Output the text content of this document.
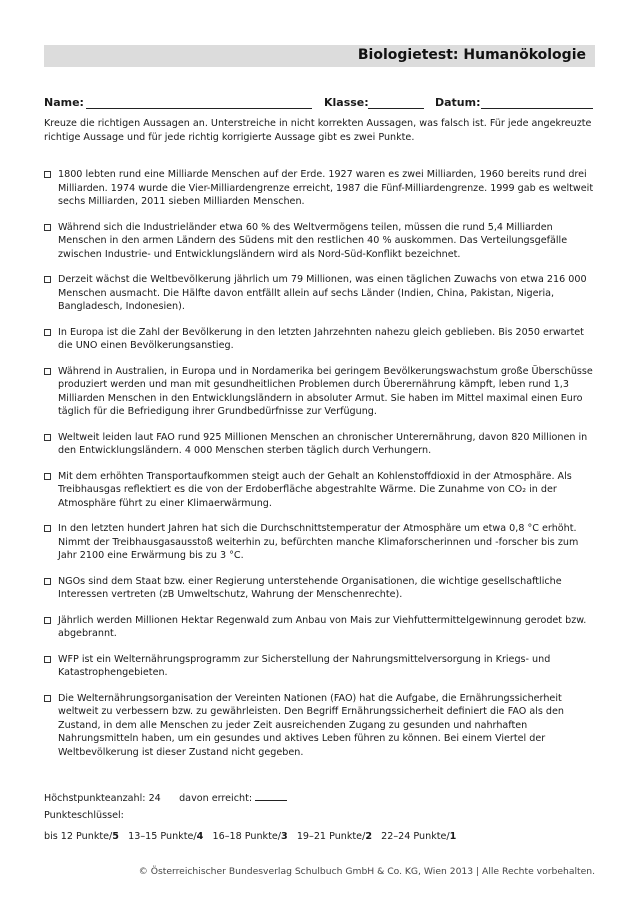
Biologietest: Humanökologie
Name:	Klasse:	Datum:
Kreuze die richtigen Aussagen an. Unterstreiche in nicht korrekten Aussagen, was falsch ist. Für jede angekreuzte richtige Aussage und für jede richtig korrigierte Aussage gibt es zwei Punkte.
1800 lebten rund eine Milliarde Menschen auf der Erde. 1927 waren es zwei Milliarden, 1960 bereits rund drei Milliarden. 1974 wurde die Vier-Milliardengrenze erreicht, 1987 die Fünf-Milliardengrenze. 1999 gab es weltweit sechs Milliarden, 2011 sieben Milliarden Menschen.
Während sich die Industrieländer etwa 60 % des Weltvermögens teilen, müssen die rund 5,4 Milliarden Menschen in den armen Ländern des Südens mit den restlichen 40 % auskommen. Das Verteilungsgefälle zwischen Industrie- und Entwicklungsländern wird als Nord-Süd-Konflikt bezeichnet.
Derzeit wächst die Weltbevölkerung jährlich um 79 Millionen, was einen täglichen Zuwachs von etwa 216 000 Menschen ausmacht. Die Hälfte davon entfällt allein auf sechs Länder (Indien, China, Pakistan, Nigeria, Bangladesch, Indonesien).
In Europa ist die Zahl der Bevölkerung in den letzten Jahrzehnten nahezu gleich geblieben. Bis 2050 erwartet die UNO einen Bevölkerungsanstieg.
Während in Australien, in Europa und in Nordamerika bei geringem Bevölkerungswachstum große Überschüsse produziert werden und man mit gesundheitlichen Problemen durch Überernährung kämpft, leben rund 1,3 Milliarden Menschen in den Entwicklungsländern in absoluter Armut. Sie haben im Mittel maximal einen Euro täglich für die Befriedigung ihrer Grundbedürfnisse zur Verfügung.
Weltweit leiden laut FAO rund 925 Millionen Menschen an chronischer Unterernährung, davon 820 Millionen in den Entwicklungsländern. 4 000 Menschen sterben täglich durch Verhungern.
Mit dem erhöhten Transportaufkommen steigt auch der Gehalt an Kohlenstoffdioxid in der Atmosphäre. Als Treibhausgas reflektiert es die von der Erdoberfläche abgestrahlte Wärme. Die Zunahme von CO₂ in der Atmosphäre führt zu einer Klimaerwärmung.
In den letzten hundert Jahren hat sich die Durchschnittstemperatur der Atmosphäre um etwa 0,8 °C erhöht. Nimmt der Treibhausgasausstoß weiterhin zu, befürchten manche Klimaforscherinnen und -forscher bis zum Jahr 2100 eine Erwärmung bis zu 3 °C.
NGOs sind dem Staat bzw. einer Regierung unterstehende Organisationen, die wichtige gesellschaftliche Interessen vertreten (zB Umweltschutz, Wahrung der Menschenrechte).
Jährlich werden Millionen Hektar Regenwald zum Anbau von Mais zur Viehfuttermittelgewinnung gerodet bzw. abgebrannt.
WFP ist ein Welternährungsprogramm zur Sicherstellung der Nahrungsmittelversorgung in Kriegs- und Katastrophengebieten.
Die Welternährungsorganisation der Vereinten Nationen (FAO) hat die Aufgabe, die Ernährungssicherheit weltweit zu verbessern bzw. zu gewährleisten. Den Begriff Ernährungssicherheit definiert die FAO als den Zustand, in dem alle Menschen zu jeder Zeit ausreichenden Zugang zu gesunden und nahrhaften Nahrungsmitteln haben, um ein gesundes und aktives Leben führen zu können. Bei einem Viertel der Weltbevölkerung ist dieser Zustand nicht gegeben.
Höchstpunkteanzahl: 24 davon erreicht:
Punkteschlüssel:
bis 12 Punkte/5 13–15 Punkte/4 16–18 Punkte/3 19–21 Punkte/2 22–24 Punkte/1
© Österreichischer Bundesverlag Schulbuch GmbH & Co. KG, Wien 2013 | Alle Rechte vorbehalten.
